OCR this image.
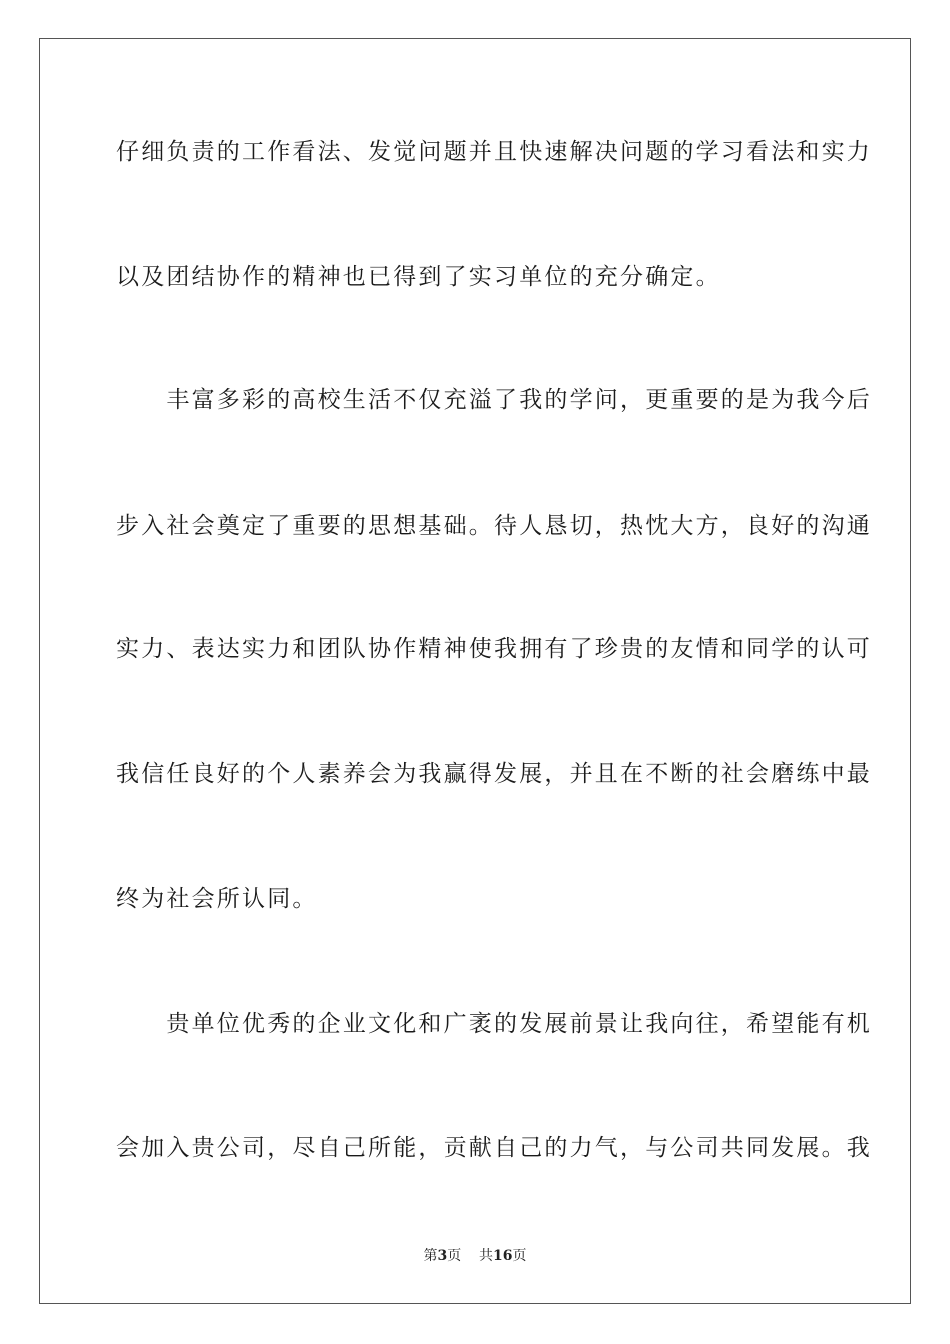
仔细负责的工作看法、发觉问题并且快速解决问题的学习看法和实力
以及团结协作的精神也已得到了实习单位的充分确定。
　　丰富多彩的高校生活不仅充溢了我的学问，更重要的是为我今后
步入社会奠定了重要的思想基础。待人恳切，热忱大方，良好的沟通
实力、表达实力和团队协作精神使我拥有了珍贵的友情和同学的认可
我信任良好的个人素养会为我赢得发展，并且在不断的社会磨练中最
终为社会所认同。
　　贵单位优秀的企业文化和广袤的发展前景让我向往，希望能有机
会加入贵公司，尽自己所能，贡献自己的力气，与公司共同发展。我
第3页 共16页
